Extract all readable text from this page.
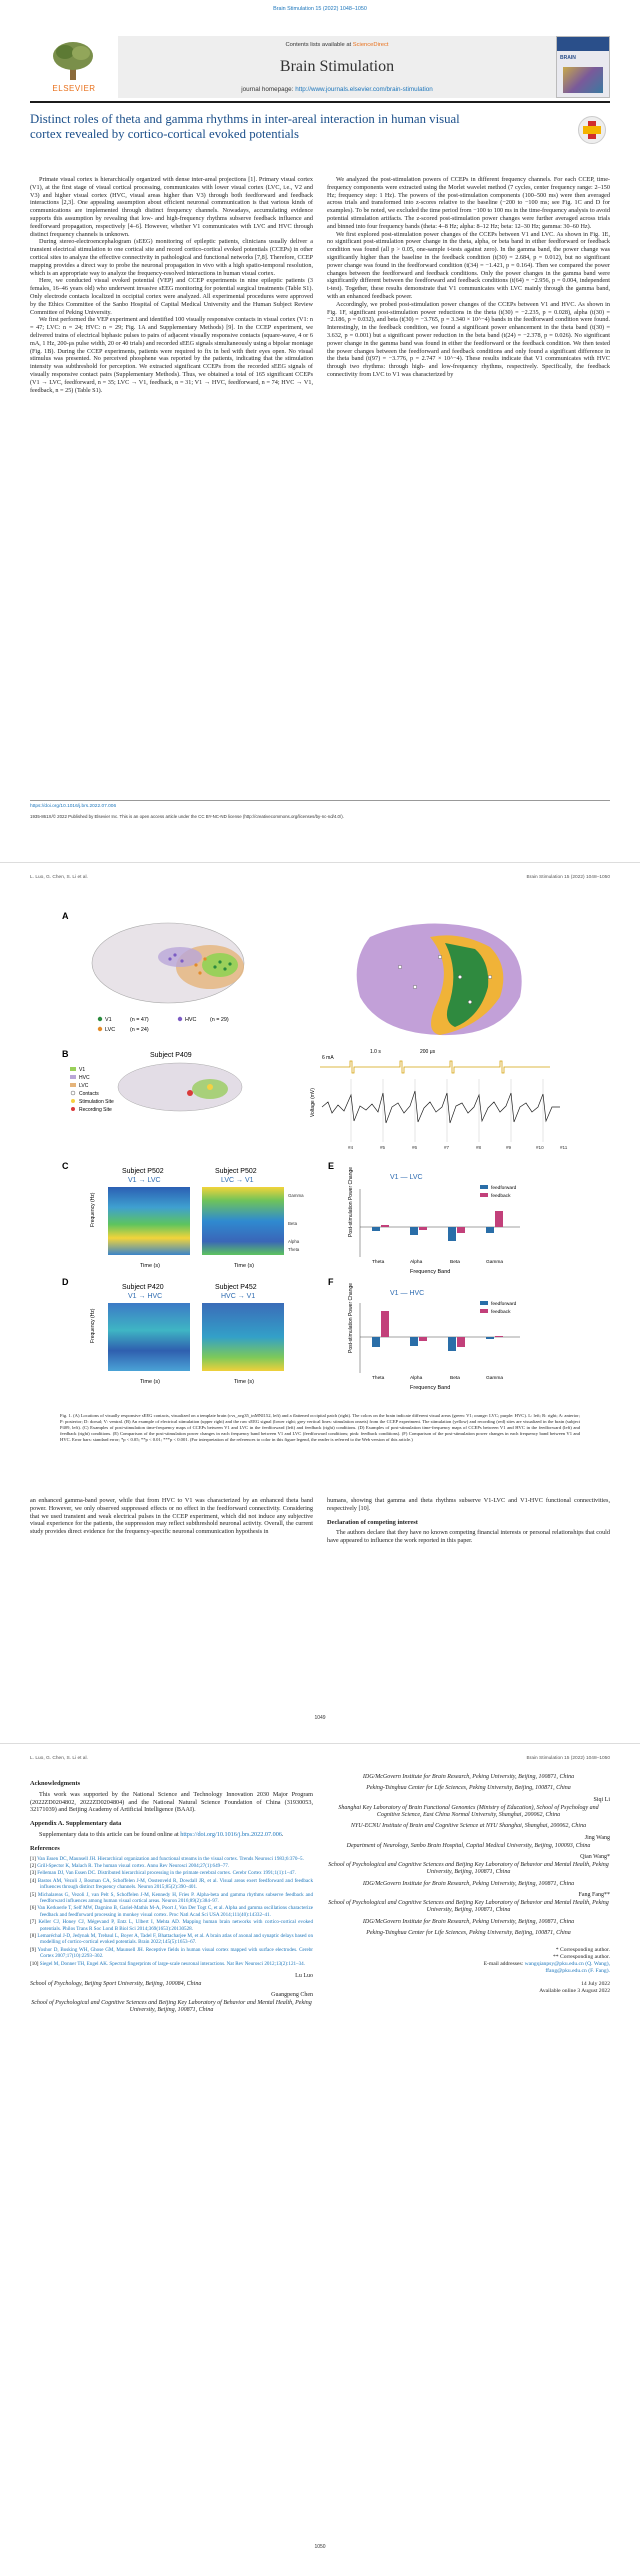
Brain Stimulation 15 (2022) 1048–1050
ELSEVIER
Contents lists available at ScienceDirect
Brain Stimulation
journal homepage: http://www.journals.elsevier.com/brain-stimulation
BRAIN
Distinct roles of theta and gamma rhythms in inter-areal interaction in human visual cortex revealed by cortico-cortical evoked potentials

Primate visual cortex is hierarchically organized with dense inter-areal projections [1]. Primary visual cortex (V1), at the first stage of visual cortical processing, communicates with lower visual cortex (LVC, i.e., V2 and V3) and higher visual cortex (HVC, visual areas higher than V3) through both feedforward and feedback interactions [2,3]. One appealing assumption about efficient neuronal communication is that various kinds of communications are implemented through distinct frequency channels. Nowadays, accumulating evidence supports this assumption by revealing that low- and high-frequency rhythms subserve feedback influence and feedforward propagation, respectively [4–6]. However, whether V1 communicates with LVC and HVC through distinct frequency channels is unknown.

During stereo-electroencephalogram (sEEG) monitoring of epileptic patients, clinicians usually deliver a transient electrical stimulation to one cortical site and record cortico-cortical evoked potentials (CCEPs) in other cortical sites to analyze the effective connectivity in pathological and functional networks [7,8]. Therefore, CCEP mapping provides a direct way to probe the neuronal propagation in vivo with a high spatio-temporal resolution, which is an appropriate way to analyze the frequency-resolved interactions in human visual cortex.

Here, we conducted visual evoked potential (VEP) and CCEP experiments in nine epileptic patients (3 females, 16–46 years old) who underwent invasive sEEG monitoring for potential surgical treatments (Table S1). Only electrode contacts localized in occipital cortex were analyzed. All experimental procedures were approved by the Ethics Committee of the Sanbo Hospital of Capital Medical University and the Human Subject Review Committee of Peking University.

We first performed the VEP experiment and identified 100 visually responsive contacts in visual cortex (V1: n = 47; LVC: n = 24; HVC: n = 29; Fig. 1A and Supplementary Methods) [9]. In the CCEP experiment, we delivered trains of electrical biphasic pulses to pairs of adjacent visually responsive contacts (square-wave, 4 or 6 mA, 1 Hz, 200-μs pulse width, 20 or 40 trials) and recorded sEEG signals simultaneously using a bipolar montage (Fig. 1B). During the CCEP experiments, patients were required to fix in bed with their eyes open. No visual stimulus was presented. No perceived phosphene was reported by the patients, indicating that the stimulation intensity was subthreshold for perception. We extracted significant CCEPs from the recorded sEEG signals of visually responsive contact pairs (Supplementary Methods). Thus, we obtained a total of 165 significant CCEPs (V1 → LVC, feedforward, n = 35; LVC → V1, feedback, n = 31; V1 → HVC, feedforward, n = 74; HVC → V1, feedback, n = 25) (Table S1).

We analyzed the post-stimulation powers of CCEPs in different frequency channels. For each CCEP, time-frequency components were extracted using the Morlet wavelet method (7 cycles, center frequency range: 2–150 Hz; frequency step: 1 Hz). The powers of the post-stimulation components (100–500 ms) were then averaged across trials and transformed into z-scores relative to the baseline (−200 to −100 ms; see Fig. 1C and D for examples). To be noted, we excluded the time period from −100 to 100 ms in the time-frequency analysis to avoid potential stimulation artifacts. The z-scored post-stimulation power changes were further averaged across trials and binned into four frequency bands (theta: 4–8 Hz; alpha: 8–12 Hz; beta: 12–30 Hz; gamma: 30–60 Hz).

We first explored post-stimulation power changes of the CCEPs between V1 and LVC. As shown in Fig. 1E, no significant post-stimulation power change in the theta, alpha, or beta band in either feedforward or feedback condition was found (all p > 0.05, one-sample t-tests against zero). In the gamma band, the power change was significantly higher than the baseline in the feedback condition (t(30) = 2.684, p = 0.012), but no significant power change was found in the feedforward condition (t(34) = −1.421, p = 0.164). Then we compared the power changes between the feedforward and feedback conditions. Only the power changes in the gamma band were significantly different between the feedforward and feedback conditions (t(64) = −2.956, p = 0.004, independent t-test). Together, these results demonstrate that V1 communicates with LVC mainly through the gamma band, with an enhanced feedback power.

Accordingly, we probed post-stimulation power changes of the CCEPs between V1 and HVC. As shown in Fig. 1F, significant post-stimulation power reductions in the theta (t(30) = −2.235, p = 0.028), alpha (t(30) = −2.186, p = 0.032), and beta (t(30) = −3.765, p = 3.340 × 10^−4) bands in the feedforward condition were found. Interestingly, in the feedback condition, we found a significant power enhancement in the theta band (t(30) = 3.632, p = 0.001) but a significant power reduction in the beta band (t(24) = −2.378, p = 0.026). No significant power change in the gamma band was found in either the feedforward or the feedback condition. We then tested the power changes between the feedforward and feedback conditions and only found a significant difference in the theta band (t(97) = −3.776, p = 2.747 × 10^−4). These results indicate that V1 communicates with HVC through two rhythms: through high- and low-frequency rhythms, respectively. Specifically, the feedback connectivity from LVC to V1 was characterized by

https://doi.org/10.1016/j.brs.2022.07.006
1935-861X/© 2022 Published by Elsevier Inc. This is an open access article under the CC BY-NC-ND license (http://creativecommons.org/licenses/by-nc-nd/4.0/).
L. Luo, G. Chen, S. Li et al.	Brain Stimulation 15 (2022) 1048–1050
A
V1	(n = 47)	HVC	(n = 29)
LVC	(n = 24)
B	Subject P409
V1
HVC
LVC
Contacts
Stimulation Site
Recording Site
6 mA
1.0 s	200 μs
Voltage (mV)
#4	#5	#6	#7	#8	#9	#10	#11
C
Subject P502
V1 → LVC
Subject P502
LVC → V1
Frequency (Hz)	Gamma
Beta
Alpha
Theta
Time (s)	Time (s)
D
Subject P420
V1 → HVC
Subject P452
HVC → V1
Frequency (Hz)
Time (s)	Time (s)
E
V1 — LVC
Post-stimulation Power Change
Theta	Alpha	Beta	Gamma
Frequency Band
feedforward
feedback
F
V1 — HVC
Post-stimulation Power Change
Theta	Alpha	Beta	Gamma
Frequency Band
feedforward
feedback
Fig. 1. (A) Locations of visually responsive sEEG contacts, visualized on a template brain (cvs_avg35_inMNI152, left) and a flattened occipital patch (right). The colors on the brain indicate different visual areas (green: V1; orange: LVC; purple: HVC). L: left; R: right; A: anterior; P: posterior; D: dorsal; V: ventral. (B) An example of electrical stimulation (upper right) and the raw sEEG signal (lower right; grey vertical lines: stimulation onsets) from the CCEP experiment. The stimulation (yellow) and recording (red) sites are visualized in the brain (subject P409, left). (C) Examples of post-stimulation time-frequency maps of CCEPs between V1 and LVC in the feedforward (left) and feedback (right) conditions. (D) Examples of post-stimulation time-frequency maps of CCEPs between V1 and HVC in the feedforward (left) and feedback (right) conditions. (E) Comparison of the post-stimulation power changes in each frequency band between V1 and LVC (feedforward conditions; pink: feedback conditions). (F) Comparison of the post-stimulation power changes in each frequency band between V1 and HVC. Error bars: standard error; *p < 0.05; **p < 0.01; ***p < 0.001. (For interpretation of the references to color in this figure legend, the reader is referred to the Web version of this article.)

an enhanced gamma-band power, while that from HVC to V1 was characterized by an enhanced theta band power. However, we only observed suppressed effects or no effect in the feedforward connectivity. Considering that we used transient and weak electrical pulses in the CCEP experiment, which did not induce any subjective visual experience for the patients, the suppression may reflect subthreshold neuronal activity. Overall, the current study provides direct evidence for the frequency-specific neuronal communication hypothesis in

humans, showing that gamma and theta rhythms subserve V1-LVC and V1-HVC functional connectivities, respectively [10].

Declaration of competing interest

The authors declare that they have no known competing financial interests or personal relationships that could have appeared to influence the work reported in this paper.

1049
L. Luo, G. Chen, S. Li et al.	Brain Stimulation 15 (2022) 1048–1050
Acknowledgments

This work was supported by the National Science and Technology Innovation 2030 Major Program (2022ZD0204802, 2022ZD0204804) and the National Natural Science Foundation of China (31930053, 32171039) and Beijing Academy of Artificial Intelligence (BAAI).

Appendix A. Supplementary data

Supplementary data to this article can be found online at https://doi.org/10.1016/j.brs.2022.07.006.

References
[1] Van Essen DC, Maunsell JH. Hierarchical organization and functional streams in the visual cortex. Trends Neurosci 1983;6:370–5.
[2] Grill-Spector K, Malach R. The human visual cortex. Annu Rev Neurosci 2004;27(1):649–77.
[3] Felleman DJ, Van Essen DC. Distributed hierarchical processing in the primate cerebral cortex. Cerebr Cortex 1991;1(1):1–47.
[4] Bastos AM, Vezoli J, Bosman CA, Schoffelen J-M, Oostenveld R, Dowdall JR, et al. Visual areas exert feedforward and feedback influences through distinct frequency channels. Neuron 2015;85(2):390–401.
[5] Michalareas G, Vezoli J, van Pelt S, Schoffelen J-M, Kennedy H, Fries P. Alpha-beta and gamma rhythms subserve feedback and feedforward influences among human visual cortical areas. Neuron 2016;89(2):384–97.
[6] Van Kerkoerle T, Self MW, Dagnino B, Gariel-Mathis M-A, Poort J, Van Der Togt C, et al. Alpha and gamma oscillations characterize feedback and feedforward processing in monkey visual cortex. Proc Natl Acad Sci USA 2014;111(40):14332–41.
[7] Keller CJ, Honey CJ, Mégevand P, Entz L, Ulbert I, Mehta AD. Mapping human brain networks with cortico-cortical evoked potentials. Philos Trans R Soc Lond B Biol Sci 2014;369(1653):20130528.
[8] Lemaréchal J-D, Jedynak M, Trebaul L, Boyer A, Tadel F, Bhattacharjee M, et al. A brain atlas of axonal and synaptic delays based on modelling of cortico-cortical evoked potentials. Brain 2022;145(5):1653–67.
[9] Yoshor D, Bosking WH, Ghose GM, Maunsell JH. Receptive fields in human visual cortex mapped with surface electrodes. Cerebr Cortex 2007;17(10):2293–302.
[10] Siegel M, Donner TH, Engel AK. Spectral fingerprints of large-scale neuronal interactions. Nat Rev Neurosci 2012;13(2):121–34.
Lu Luo
School of Psychology, Beijing Sport University, Beijing, 100084, China
Guangpeng Chen
School of Psychological and Cognitive Sciences and Beijing Key Laboratory of Behavior and Mental Health, Peking University, Beijing, 100871, China
IDG/McGovern Institute for Brain Research, Peking University, Beijing, 100871, China
Peking-Tsinghua Center for Life Sciences, Peking University, Beijing, 100871, China
Siqi Li
Shanghai Key Laboratory of Brain Functional Genomics (Ministry of Education), School of Psychology and Cognitive Science, East China Normal University, Shanghai, 200062, China
NYU-ECNU Institute of Brain and Cognitive Science at NYU Shanghai, Shanghai, 200062, China
Jing Wang
Department of Neurology, Sanbo Brain Hospital, Capital Medical University, Beijing, 100093, China
Qian Wang*
School of Psychological and Cognitive Sciences and Beijing Key Laboratory of Behavior and Mental Health, Peking University, Beijing, 100871, China
IDG/McGovern Institute for Brain Research, Peking University, Beijing, 100871, China
Fang Fang**
School of Psychological and Cognitive Sciences and Beijing Key Laboratory of Behavior and Mental Health, Peking University, Beijing, 100871, China
IDG/McGovern Institute for Brain Research, Peking University, Beijing, 100871, China
Peking-Tsinghua Center for Life Sciences, Peking University, Beijing, 100871, China
* Corresponding author.
** Corresponding author.
E-mail addresses: wangqianpsy@pku.edu.cn (Q. Wang),
ffang@pku.edu.cn (F. Fang).
14 July 2022
Available online 3 August 2022
1050
